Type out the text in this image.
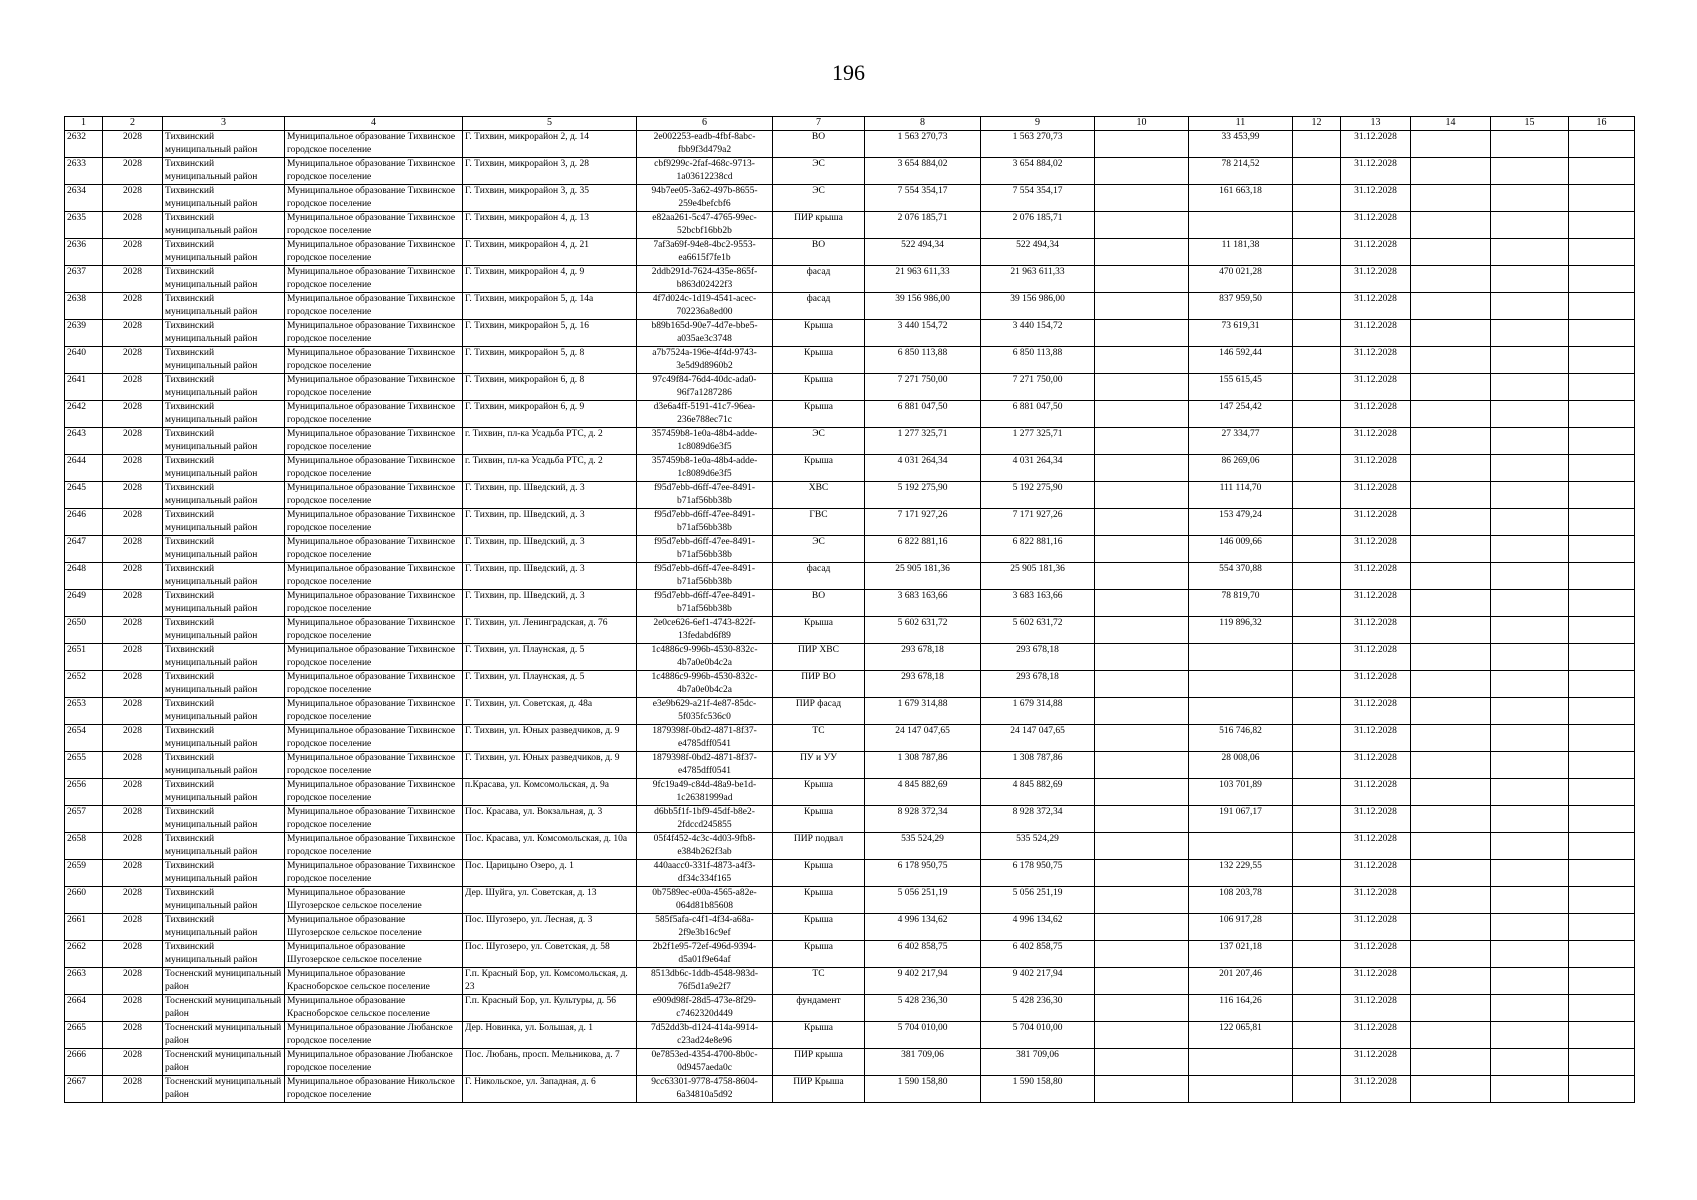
196
1	2	3	4	5	6	7	8	9	10	11	12	13	14	15	16
2632	2028	Тихвинский муниципальный район	Муниципальное образование Тихвинское городское поселение	Г. Тихвин, микрорайон 2, д. 14	2e002253-eadb-4fbf-8abc-fbb9f3d479a2	ВО	1 563 270,73	1 563 270,73		33 453,99		31.12.2028			
2633	2028	Тихвинский муниципальный район	Муниципальное образование Тихвинское городское поселение	Г. Тихвин, микрорайон 3, д. 28	cbf9299c-2faf-468c-9713-1a03612238cd	ЭС	3 654 884,02	3 654 884,02		78 214,52		31.12.2028			
2634	2028	Тихвинский муниципальный район	Муниципальное образование Тихвинское городское поселение	Г. Тихвин, микрорайон 3, д. 35	94b7ee05-3a62-497b-8655-259e4befcbf6	ЭС	7 554 354,17	7 554 354,17		161 663,18		31.12.2028			
2635	2028	Тихвинский муниципальный район	Муниципальное образование Тихвинское городское поселение	Г. Тихвин, микрорайон 4, д. 13	e82aa261-5c47-4765-99ec-52bcbf16bb2b	ПИР крыша	2 076 185,71	2 076 185,71				31.12.2028			
2636	2028	Тихвинский муниципальный район	Муниципальное образование Тихвинское городское поселение	Г. Тихвин, микрорайон 4, д. 21	7af3a69f-94e8-4bc2-9553-ea6615f7fe1b	ВО	522 494,34	522 494,34		11 181,38		31.12.2028			
2637	2028	Тихвинский муниципальный район	Муниципальное образование Тихвинское городское поселение	Г. Тихвин, микрорайон 4, д. 9	2ddb291d-7624-435e-865f-b863d02422f3	фасад	21 963 611,33	21 963 611,33		470 021,28		31.12.2028			
2638	2028	Тихвинский муниципальный район	Муниципальное образование Тихвинское городское поселение	Г. Тихвин, микрорайон 5, д. 14а	4f7d024c-1d19-4541-acec-702236a8ed00	фасад	39 156 986,00	39 156 986,00		837 959,50		31.12.2028			
2639	2028	Тихвинский муниципальный район	Муниципальное образование Тихвинское городское поселение	Г. Тихвин, микрорайон 5, д. 16	b89b165d-90e7-4d7e-bbe5-a035ae3c3748	Крыша	3 440 154,72	3 440 154,72		73 619,31		31.12.2028			
2640	2028	Тихвинский муниципальный район	Муниципальное образование Тихвинское городское поселение	Г. Тихвин, микрорайон 5, д. 8	a7b7524a-196e-4f4d-9743-3e5d9d8960b2	Крыша	6 850 113,88	6 850 113,88		146 592,44		31.12.2028			
2641	2028	Тихвинский муниципальный район	Муниципальное образование Тихвинское городское поселение	Г. Тихвин, микрорайон 6, д. 8	97c49f84-76d4-40dc-ada0-96f7a1287286	Крыша	7 271 750,00	7 271 750,00		155 615,45		31.12.2028			
2642	2028	Тихвинский муниципальный район	Муниципальное образование Тихвинское городское поселение	Г. Тихвин, микрорайон 6, д. 9	d3e6a4ff-5191-41c7-96ea-236e788ec71c	Крыша	6 881 047,50	6 881 047,50		147 254,42		31.12.2028			
2643	2028	Тихвинский муниципальный район	Муниципальное образование Тихвинское городское поселение	г. Тихвин, пл-ка Усадьба РТС, д. 2	357459b8-1e0a-48b4-adde-1c8089d6e3f5	ЭС	1 277 325,71	1 277 325,71		27 334,77		31.12.2028			
2644	2028	Тихвинский муниципальный район	Муниципальное образование Тихвинское городское поселение	г. Тихвин, пл-ка Усадьба РТС, д. 2	357459b8-1e0a-48b4-adde-1c8089d6e3f5	Крыша	4 031 264,34	4 031 264,34		86 269,06		31.12.2028			
2645	2028	Тихвинский муниципальный район	Муниципальное образование Тихвинское городское поселение	Г. Тихвин, пр. Шведский, д. 3	f95d7ebb-d6ff-47ee-8491-b71af56bb38b	ХВС	5 192 275,90	5 192 275,90		111 114,70		31.12.2028			
2646	2028	Тихвинский муниципальный район	Муниципальное образование Тихвинское городское поселение	Г. Тихвин, пр. Шведский, д. 3	f95d7ebb-d6ff-47ee-8491-b71af56bb38b	ГВС	7 171 927,26	7 171 927,26		153 479,24		31.12.2028			
2647	2028	Тихвинский муниципальный район	Муниципальное образование Тихвинское городское поселение	Г. Тихвин, пр. Шведский, д. 3	f95d7ebb-d6ff-47ee-8491-b71af56bb38b	ЭС	6 822 881,16	6 822 881,16		146 009,66		31.12.2028			
2648	2028	Тихвинский муниципальный район	Муниципальное образование Тихвинское городское поселение	Г. Тихвин, пр. Шведский, д. 3	f95d7ebb-d6ff-47ee-8491-b71af56bb38b	фасад	25 905 181,36	25 905 181,36		554 370,88		31.12.2028			
2649	2028	Тихвинский муниципальный район	Муниципальное образование Тихвинское городское поселение	Г. Тихвин, пр. Шведский, д. 3	f95d7ebb-d6ff-47ee-8491-b71af56bb38b	ВО	3 683 163,66	3 683 163,66		78 819,70		31.12.2028			
2650	2028	Тихвинский муниципальный район	Муниципальное образование Тихвинское городское поселение	Г. Тихвин, ул. Ленинградская, д. 76	2e0ce626-6ef1-4743-822f-13fedabd6f89	Крыша	5 602 631,72	5 602 631,72		119 896,32		31.12.2028			
2651	2028	Тихвинский муниципальный район	Муниципальное образование Тихвинское городское поселение	Г. Тихвин, ул. Плаунская, д. 5	1c4886c9-996b-4530-832c-4b7a0e0b4c2a	ПИР ХВС	293 678,18	293 678,18				31.12.2028			
2652	2028	Тихвинский муниципальный район	Муниципальное образование Тихвинское городское поселение	Г. Тихвин, ул. Плаунская, д. 5	1c4886c9-996b-4530-832c-4b7a0e0b4c2a	ПИР ВО	293 678,18	293 678,18				31.12.2028			
2653	2028	Тихвинский муниципальный район	Муниципальное образование Тихвинское городское поселение	Г. Тихвин, ул. Советская, д. 48а	e3e9b629-a21f-4e87-85dc-5f035fc536c0	ПИР фасад	1 679 314,88	1 679 314,88				31.12.2028			
2654	2028	Тихвинский муниципальный район	Муниципальное образование Тихвинское городское поселение	Г. Тихвин, ул. Юных разведчиков, д. 9	1879398f-0bd2-4871-8f37-e4785dff0541	ТС	24 147 047,65	24 147 047,65		516 746,82		31.12.2028			
2655	2028	Тихвинский муниципальный район	Муниципальное образование Тихвинское городское поселение	Г. Тихвин, ул. Юных разведчиков, д. 9	1879398f-0bd2-4871-8f37-e4785dff0541	ПУ и УУ	1 308 787,86	1 308 787,86		28 008,06		31.12.2028			
2656	2028	Тихвинский муниципальный район	Муниципальное образование Тихвинское городское поселение	п.Красава, ул. Комсомольская, д. 9а	9fc19a49-c84d-48a9-be1d-1c26381999ad	Крыша	4 845 882,69	4 845 882,69		103 701,89		31.12.2028			
2657	2028	Тихвинский муниципальный район	Муниципальное образование Тихвинское городское поселение	Пос. Красава, ул. Вокзальная, д. 3	d6bb5f1f-1bf9-45df-b8e2-2fdccd245855	Крыша	8 928 372,34	8 928 372,34		191 067,17		31.12.2028			
2658	2028	Тихвинский муниципальный район	Муниципальное образование Тихвинское городское поселение	Пос. Красава, ул. Комсомольская, д. 10а	05f4f452-4c3c-4d03-9fb8-e384b262f3ab	ПИР подвал	535 524,29	535 524,29				31.12.2028			
2659	2028	Тихвинский муниципальный район	Муниципальное образование Тихвинское городское поселение	Пос. Царицыно Озеро, д. 1	440aacc0-331f-4873-a4f3-df34c334f165	Крыша	6 178 950,75	6 178 950,75		132 229,55		31.12.2028			
2660	2028	Тихвинский муниципальный район	Муниципальное образование Шугозерское сельское поселение	Дер. Шуйга, ул. Советская, д. 13	0b7589ec-e00a-4565-a82e-064d81b85608	Крыша	5 056 251,19	5 056 251,19		108 203,78		31.12.2028			
2661	2028	Тихвинский муниципальный район	Муниципальное образование Шугозерское сельское поселение	Пос. Шугозеро, ул. Лесная, д. 3	585f5afa-c4f1-4f34-a68a-2f9e3b16c9ef	Крыша	4 996 134,62	4 996 134,62		106 917,28		31.12.2028			
2662	2028	Тихвинский муниципальный район	Муниципальное образование Шугозерское сельское поселение	Пос. Шугозеро, ул. Советская, д. 58	2b2f1e95-72ef-496d-9394-d5a01f9e64af	Крыша	6 402 858,75	6 402 858,75		137 021,18		31.12.2028			
2663	2028	Тосненский муниципальный район	Муниципальное образование Красноборское сельское поселение	Г.п. Красный Бор, ул. Комсомольская, д. 23	8513db6c-1ddb-4548-983d-76f5d1a9e2f7	ТС	9 402 217,94	9 402 217,94		201 207,46		31.12.2028			
2664	2028	Тосненский муниципальный район	Муниципальное образование Красноборское сельское поселение	Г.п. Красный Бор, ул. Культуры, д. 56	e909d98f-28d5-473e-8f29-c7462320d449	фундамент	5 428 236,30	5 428 236,30		116 164,26		31.12.2028			
2665	2028	Тосненский муниципальный район	Муниципальное образование Любанское городское поселение	Дер. Новинка, ул. Большая, д. 1	7d52dd3b-d124-414a-9914-c23ad24e8e96	Крыша	5 704 010,00	5 704 010,00		122 065,81		31.12.2028			
2666	2028	Тосненский муниципальный район	Муниципальное образование Любанское городское поселение	Пос. Любань, просп. Мельникова, д. 7	0e7853ed-4354-4700-8b0c-0d9457aeda0c	ПИР крыша	381 709,06	381 709,06				31.12.2028			
2667	2028	Тосненский муниципальный район	Муниципальное образование Никольское городское поселение	Г. Никольское, ул. Западная, д. 6	9cc63301-9778-4758-8604-6a34810a5d92	ПИР Крыша	1 590 158,80	1 590 158,80				31.12.2028			
